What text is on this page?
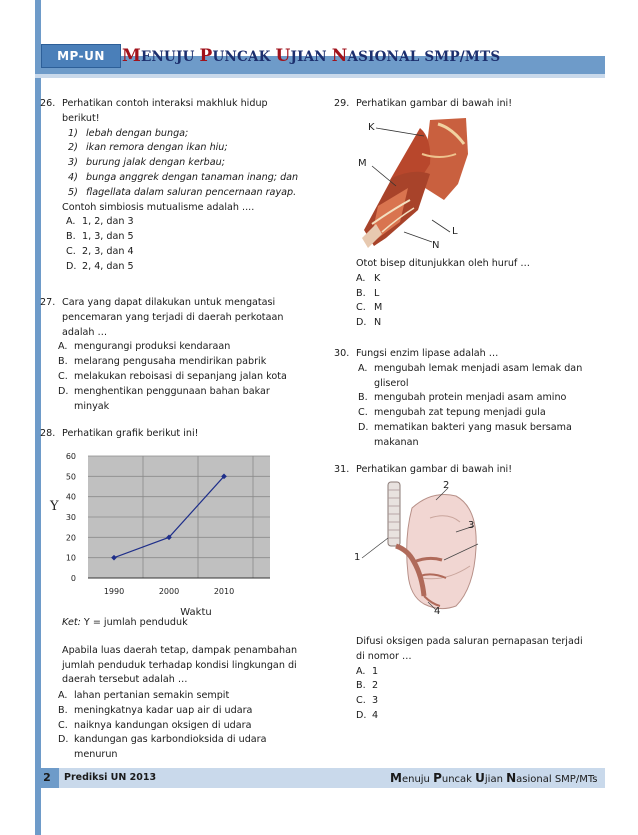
MP-UN	MENUJU PUNCAK UJIAN NASIONAL SMP/MTS
26. Perhatikan contoh interaksi makhluk hidup
berikut!
1) lebah dengan bunga;
2) ikan remora dengan ikan hiu;
3) burung jalak dengan kerbau;
4) bunga anggrek dengan tanaman inang; dan
5) flagellata dalam saluran pencernaan rayap.
Contoh simbiosis mutualisme adalah ....
A. 1, 2, dan 3
B. 1, 3, dan 5
C. 2, 3, dan 4
D. 2, 4, dan 5
27. Cara yang dapat dilakukan untuk mengatasi
pencemaran yang terjadi di daerah perkotaan
adalah …
A. mengurangi produksi kendaraan
B. melarang pengusaha mendirikan pabrik
C. melakukan reboisasi di sepanjang jalan kota
D. menghentikan penggunaan bahan bakar
minyak
28. Perhatikan grafik berikut ini!
0
10
20
30
40
50
60
1990	2000	2010
Waktu
Y
Ket: Y = jumlah penduduk
Apabila luas daerah tetap, dampak penambahan
jumlah penduduk terhadap kondisi lingkungan di
daerah tersebut adalah …
A. lahan pertanian semakin sempit
B. meningkatnya kadar uap air di udara
C. naiknya kandungan oksigen di udara
D. kandungan gas karbondioksida di udara
menurun
29. Perhatikan gambar di bawah ini!
K
L
M
N
Otot bisep ditunjukkan oleh huruf …
A. K
B. L
C. M
D. N
30. Fungsi enzim lipase adalah …
A. mengubah lemak menjadi asam lemak dan
gliserol
B. mengubah protein menjadi asam amino
C. mengubah zat tepung menjadi gula
D. mematikan bakteri yang masuk bersama
makanan
31. Perhatikan gambar di bawah ini!
1
2
3
4
Difusi oksigen pada saluran pernapasan terjadi
di nomor …
A. 1
B. 2
C. 3
D. 4
2	Prediksi UN 2013	Menuju Puncak Ujian Nasional SMP/MTs
